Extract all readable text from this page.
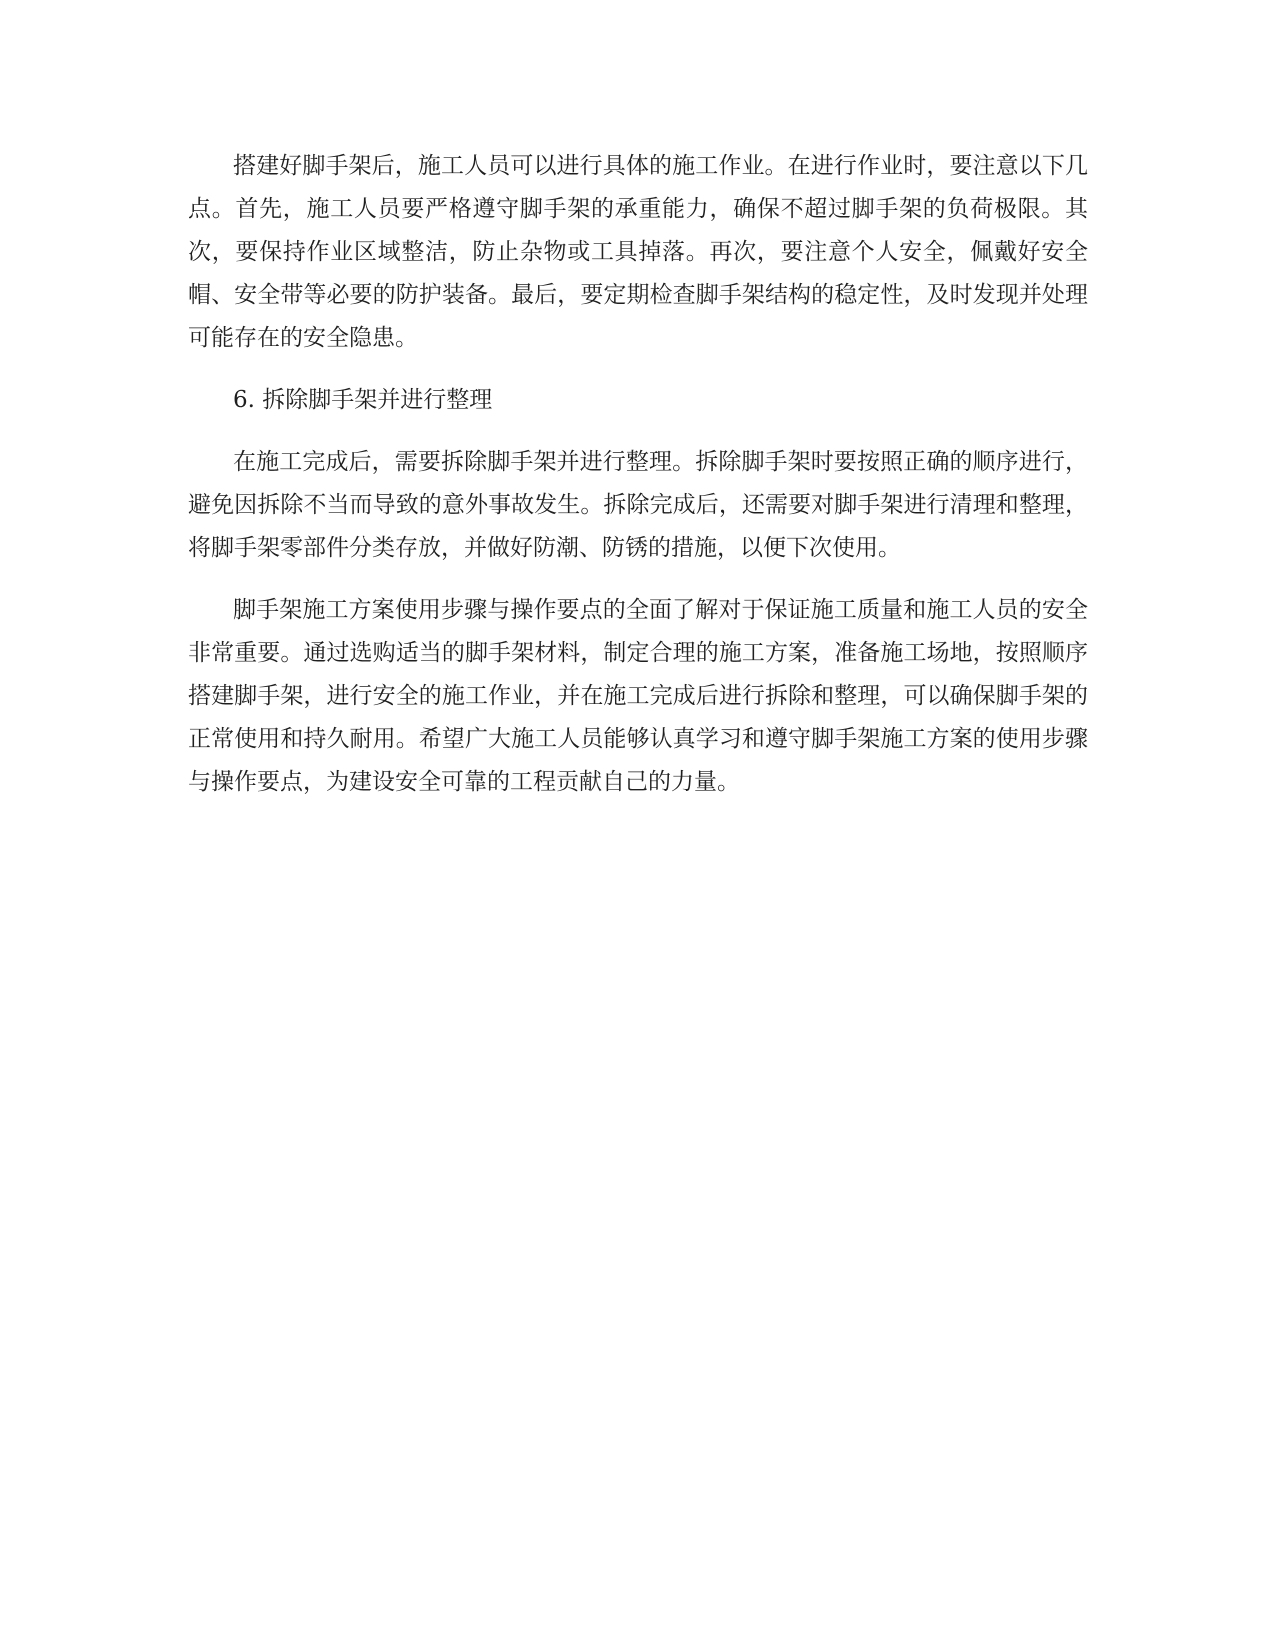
搭建好脚手架后，施工人员可以进行具体的施工作业。在进行作业时，要注意以下几点。首先，施工人员要严格遵守脚手架的承重能力，确保不超过脚手架的负荷极限。其次，要保持作业区域整洁，防止杂物或工具掉落。再次，要注意个人安全，佩戴好安全帽、安全带等必要的防护装备。最后，要定期检查脚手架结构的稳定性，及时发现并处理可能存在的安全隐患。

6. 拆除脚手架并进行整理

在施工完成后，需要拆除脚手架并进行整理。拆除脚手架时要按照正确的顺序进行，避免因拆除不当而导致的意外事故发生。拆除完成后，还需要对脚手架进行清理和整理，将脚手架零部件分类存放，并做好防潮、防锈的措施，以便下次使用。

脚手架施工方案使用步骤与操作要点的全面了解对于保证施工质量和施工人员的安全非常重要。通过选购适当的脚手架材料，制定合理的施工方案，准备施工场地，按照顺序搭建脚手架，进行安全的施工作业，并在施工完成后进行拆除和整理，可以确保脚手架的正常使用和持久耐用。希望广大施工人员能够认真学习和遵守脚手架施工方案的使用步骤与操作要点，为建设安全可靠的工程贡献自己的力量。
